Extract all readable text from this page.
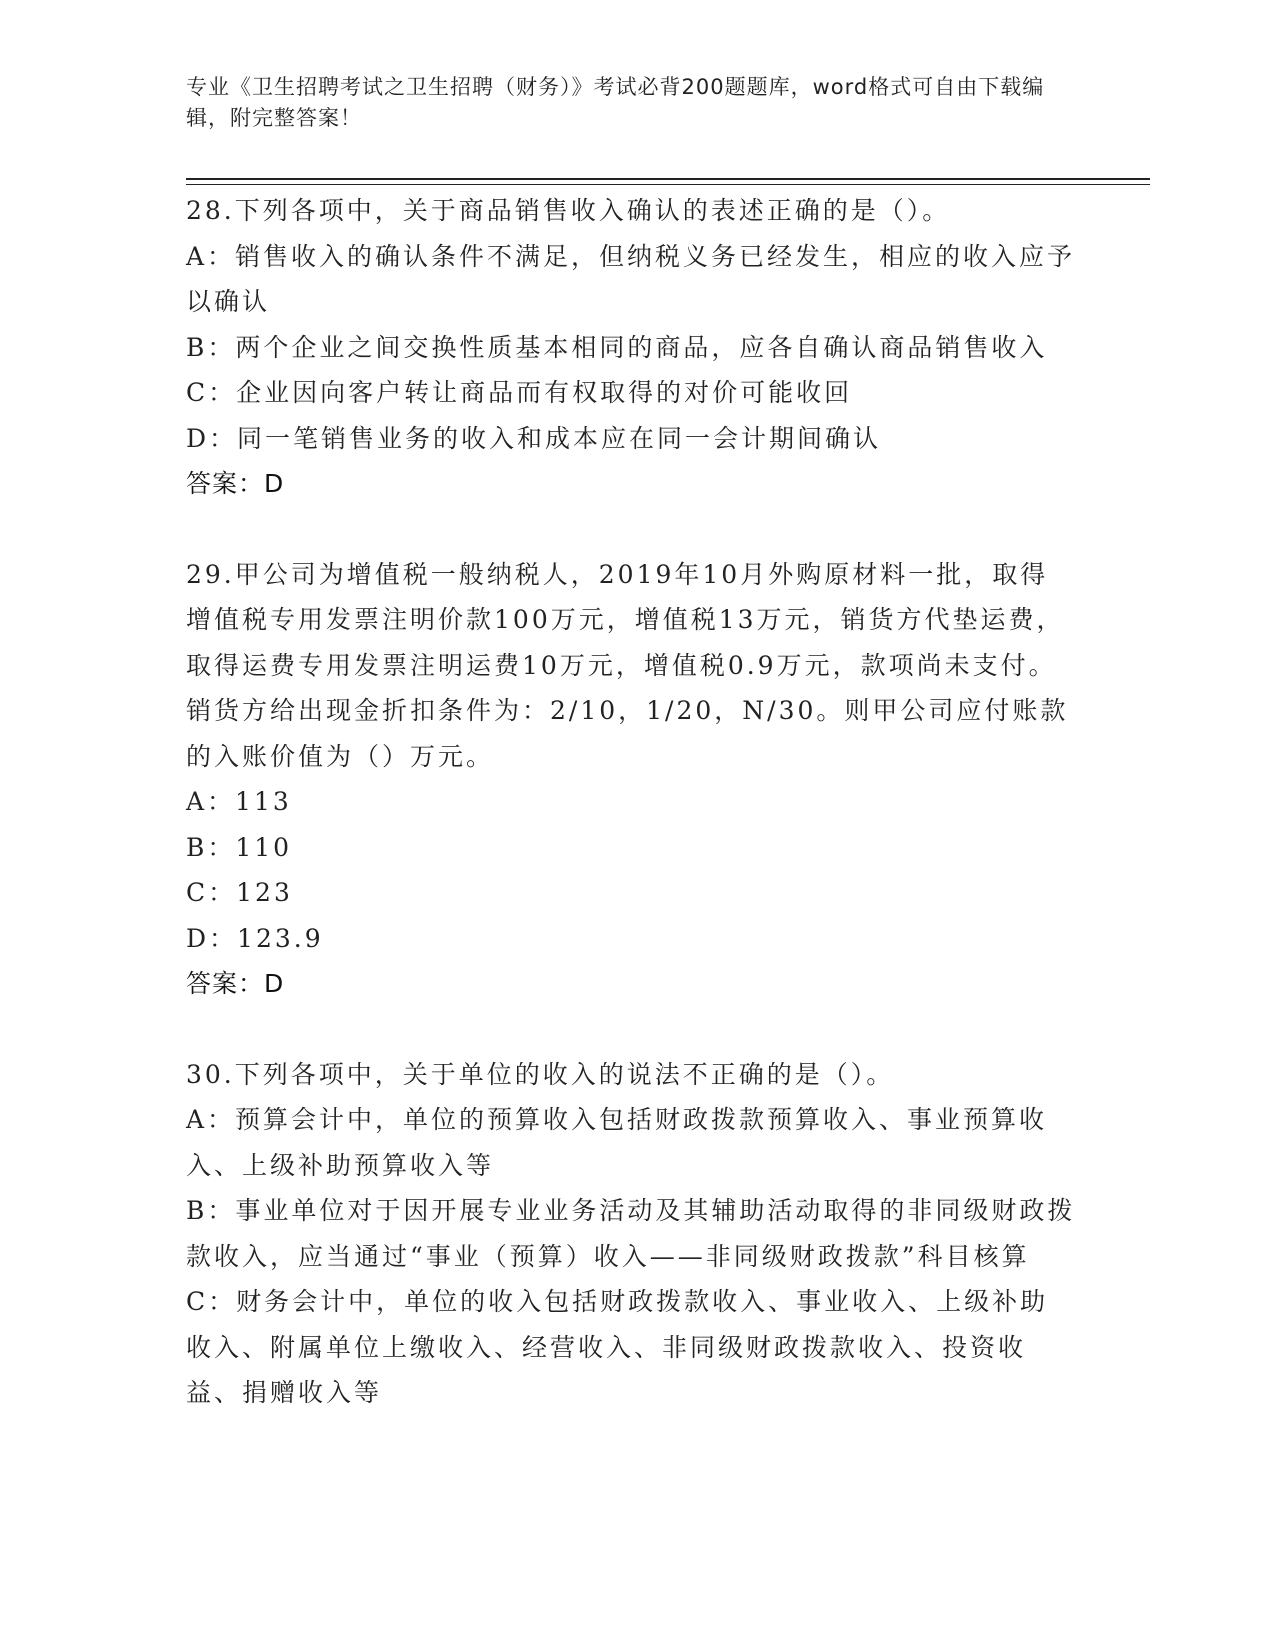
专业《卫生招聘考试之卫生招聘（财务）》考试必背200题题库，word格式可自由下载编辑，附完整答案！
28.下列各项中，关于商品销售收入确认的表述正确的是（）。
A：销售收入的确认条件不满足，但纳税义务已经发生，相应的收入应予以确认
B：两个企业之间交换性质基本相同的商品，应各自确认商品销售收入
C：企业因向客户转让商品而有权取得的对价可能收回
D：同一笔销售业务的收入和成本应在同一会计期间确认
答案：D
29.甲公司为增值税一般纳税人，2019年10月外购原材料一批，取得增值税专用发票注明价款100万元，增值税13万元，销货方代垫运费，取得运费专用发票注明运费10万元，增值税0.9万元，款项尚未支付。销货方给出现金折扣条件为：2/10，1/20，N/30。则甲公司应付账款的入账价值为（）万元。
A：113
B：110
C：123
D：123.9
答案：D
30.下列各项中，关于单位的收入的说法不正确的是（）。
A：预算会计中，单位的预算收入包括财政拨款预算收入、事业预算收入、上级补助预算收入等
B：事业单位对于因开展专业业务活动及其辅助活动取得的非同级财政拨款收入，应当通过“事业（预算）收入——非同级财政拨款”科目核算
C：财务会计中，单位的收入包括财政拨款收入、事业收入、上级补助收入、附属单位上缴收入、经营收入、非同级财政拨款收入、投资收益、捐赠收入等
